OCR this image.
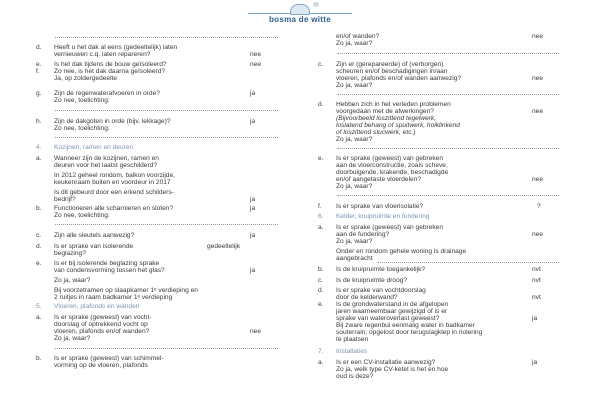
bosma de witte
d. Heeft u het dak al eens (gedeeltelijk) laten
vernieuwen c.q. laten repareren?	nee
e. Is het dak tijdens de bouw geïsoleerd?	nee
f. Zo nee, is het dak daarna geïsoleerd?
Ja, op zoldergedeelte
g. Zijn de regenwaterafvoeren in orde?	ja
Zo nee, toelichting:
h. Zijn de dakgoten in orde (bijv. lekkage)?	ja
Zo nee, toelichting:
4. Kozijnen, ramen en deuren
a. Wanneer zijn de kozijnen, ramen en
deuren voor het laatst geschilderd?
In 2012 geheel rondom, balkon voorzijde,
keukenraam buiten en voordeur in 2017
Is dit gebeurd door een erkend schilders-
bedrijf?	ja
b. Functioneren alle scharnieren en sloten?	ja
Zo nee, toelichting:
c. Zijn alle sleutels aanwezig?	ja
d. Is er sprake van isolerende	gedeeltelijk
beglazing?
e. Is er bij isolerende beglazing sprake
van condensvorming tussen het glas?	ja
Zo ja, waar?
Bij voorzetramen op slaapkamer 1ᵉ verdieping en
2 ruitjes in raam badkamer 1ᵉ verdieping
5. Vloeren, plafonds en wanden
a. Is er sprake (geweest) van vocht-
doorslag of optrekkend vocht op
vloeren, plafonds en/of wanden?	nee
Zo ja, waar?
b. Is er sprake (geweest) van schimmel-
vorming op de vloeren, plafonds
en/of wanden?	nee
Zo ja, waar?
c. Zijn er (gerepareerde) of (verborgen)
scheuren en/of beschadigingen in/aan
vloeren, plafonds en/of wanden aanwezig?	nee
Zo ja, waar?
d. Hebben zich in het verleden problemen
voorgedaan met de afwerkingen?	nee
(Bijvoorbeeld loszittend tegelwerk,
loslatend behang of spuitwerk, holklinkend
of loszittend stucwerk, etc.)
Zo ja, waar?
e. Is er sprake (geweest) van gebreken
aan de vloerconstructie, zoals scheve,
doorbuigende, krakende, beschadigde
en/of aangetaste vloerdelen?	nee
Zo ja, waar?
f. Is er sprake van vloerisolatie?	?
6. Kelder, kruipruimte en fundering
a. Is er sprake (geweest) van gebreken
aan de fundering?	nee
Zo ja, waar?
Onder en rondom gehele woning is drainage
aangebracht
b. Is de kruipruimte toegankelijk?	nvt
c. Is de kruipruimte droog?	nvt
d. Is er sprake van vochtdoorslag
door de kelderwand?	nvt
e. Is de grondwaterstand in de afgelopen
jaren waarneembaar gewijzigd of is er
sprake van wateroverlast geweest?	ja
Bij zware regenbui eenmalig water in badkamer
souterrain; opgelost door terugslagklep in riolering
te plaatsen
7. Installaties
a. Is er een CV-installatie aanwezig?	ja
Zo ja, welk type CV-ketel is het en hoe
oud is deze?
